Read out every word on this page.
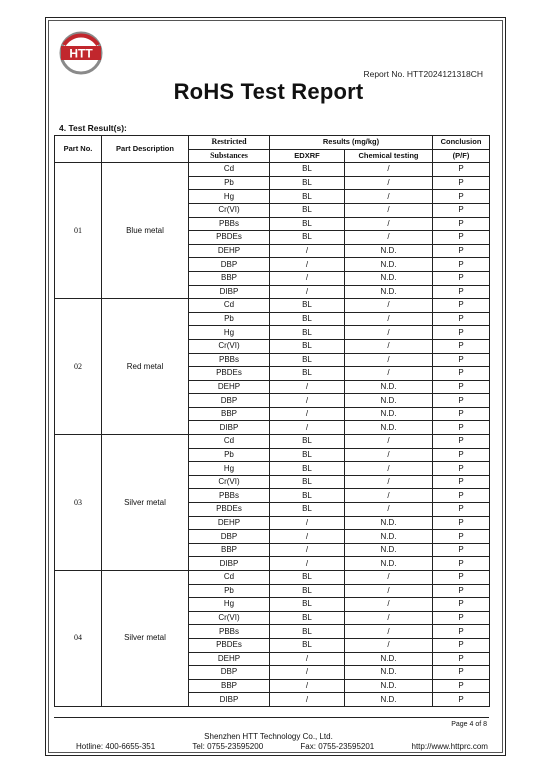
HTT
Report No. HTT2024121318CH
RoHS Test Report
4. Test Result(s):
Part No.	Part Description	Restricted	Results (mg/kg)		Conclusion
		Substances	EDXRF	Chemical testing	(P/F)
01	Blue metal	Cd	BL	/	P
		Pb	BL	/	P
		Hg	BL	/	P
		Cr(VI)	BL	/	P
		PBBs	BL	/	P
		PBDEs	BL	/	P
		DEHP	/	N.D.	P
		DBP	/	N.D.	P
		BBP	/	N.D.	P
		DIBP	/	N.D.	P
02	Red metal	Cd	BL	/	P
		Pb	BL	/	P
		Hg	BL	/	P
		Cr(VI)	BL	/	P
		PBBs	BL	/	P
		PBDEs	BL	/	P
		DEHP	/	N.D.	P
		DBP	/	N.D.	P
		BBP	/	N.D.	P
		DIBP	/	N.D.	P
03	Silver metal	Cd	BL	/	P
		Pb	BL	/	P
		Hg	BL	/	P
		Cr(VI)	BL	/	P
		PBBs	BL	/	P
		PBDEs	BL	/	P
		DEHP	/	N.D.	P
		DBP	/	N.D.	P
		BBP	/	N.D.	P
		DIBP	/	N.D.	P
04	Silver metal	Cd	BL	/	P
		Pb	BL	/	P
		Hg	BL	/	P
		Cr(VI)	BL	/	P
		PBBs	BL	/	P
		PBDEs	BL	/	P
		DEHP	/	N.D.	P
		DBP	/	N.D.	P
		BBP	/	N.D.	P
		DIBP	/	N.D.	P
Page 4 of 8
Shenzhen HTT Technology Co., Ltd.
Hotline: 400-6655-351	Tel: 0755-23595200	Fax: 0755-23595201	http://www.httprc.com
